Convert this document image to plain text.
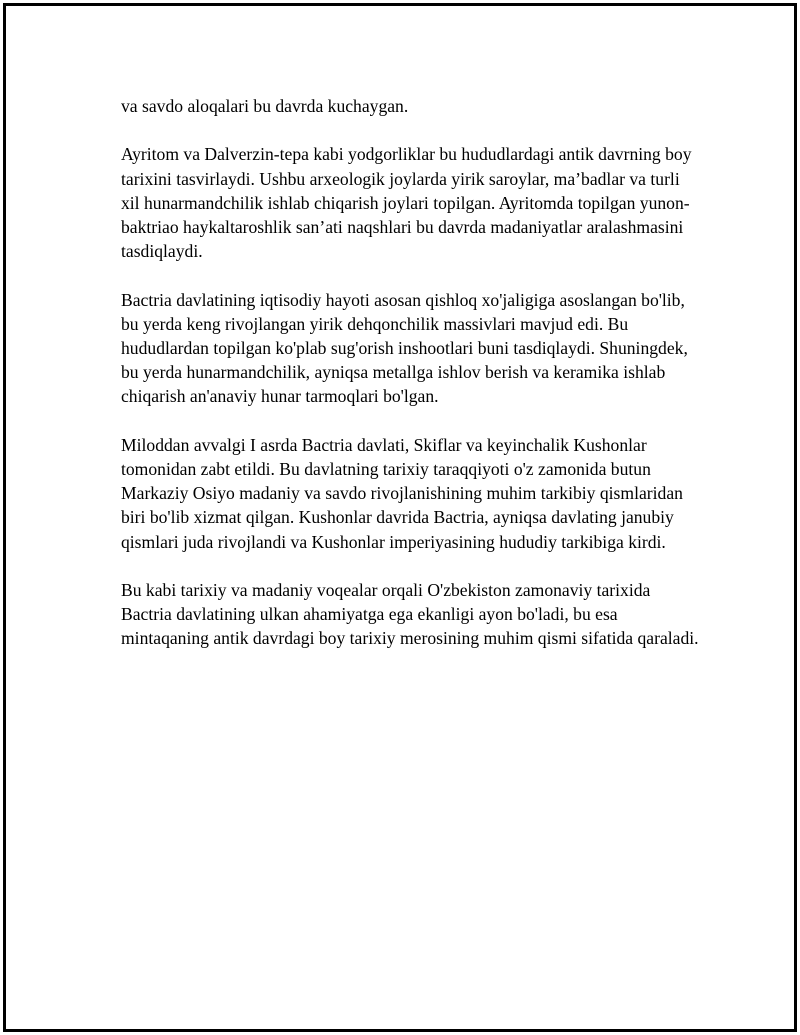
va savdo aloqalari bu davrda kuchaygan.

Ayritom va Dalverzin-tepa kabi yodgorliklar bu hududlardagi antik davrning boy tarixini tasvirlaydi. Ushbu arxeologik joylarda yirik saroylar, ma’badlar va turli xil hunarmandchilik ishlab chiqarish joylari topilgan. Ayritomda topilgan yunon-baktriao haykaltaroshlik san’ati naqshlari bu davrda madaniyatlar aralashmasini tasdiqlaydi.

Bactria davlatining iqtisodiy hayoti asosan qishloq xo'jaligiga asoslangan bo'lib, bu yerda keng rivojlangan yirik dehqonchilik massivlari mavjud edi. Bu hududlardan topilgan ko'plab sug'orish inshootlari buni tasdiqlaydi. Shuningdek, bu yerda hunarmandchilik, ayniqsa metallga ishlov berish va keramika ishlab chiqarish an'anaviy hunar tarmoqlari bo'lgan.

Miloddan avvalgi I asrda Bactria davlati, Skiflar va keyinchalik Kushonlar tomonidan zabt etildi. Bu davlatning tarixiy taraqqiyoti o'z zamonida butun Markaziy Osiyo madaniy va savdo rivojlanishining muhim tarkibiy qismlaridan biri bo'lib xizmat qilgan. Kushonlar davrida Bactria, ayniqsa davlating janubiy qismlari juda rivojlandi va Kushonlar imperiyasining hududiy tarkibiga kirdi.

Bu kabi tarixiy va madaniy voqealar orqali O'zbekiston zamonaviy tarixida Bactria davlatining ulkan ahamiyatga ega ekanligi ayon bo'ladi, bu esa mintaqaning antik davrdagi boy tarixiy merosining muhim qismi sifatida qaraladi.
